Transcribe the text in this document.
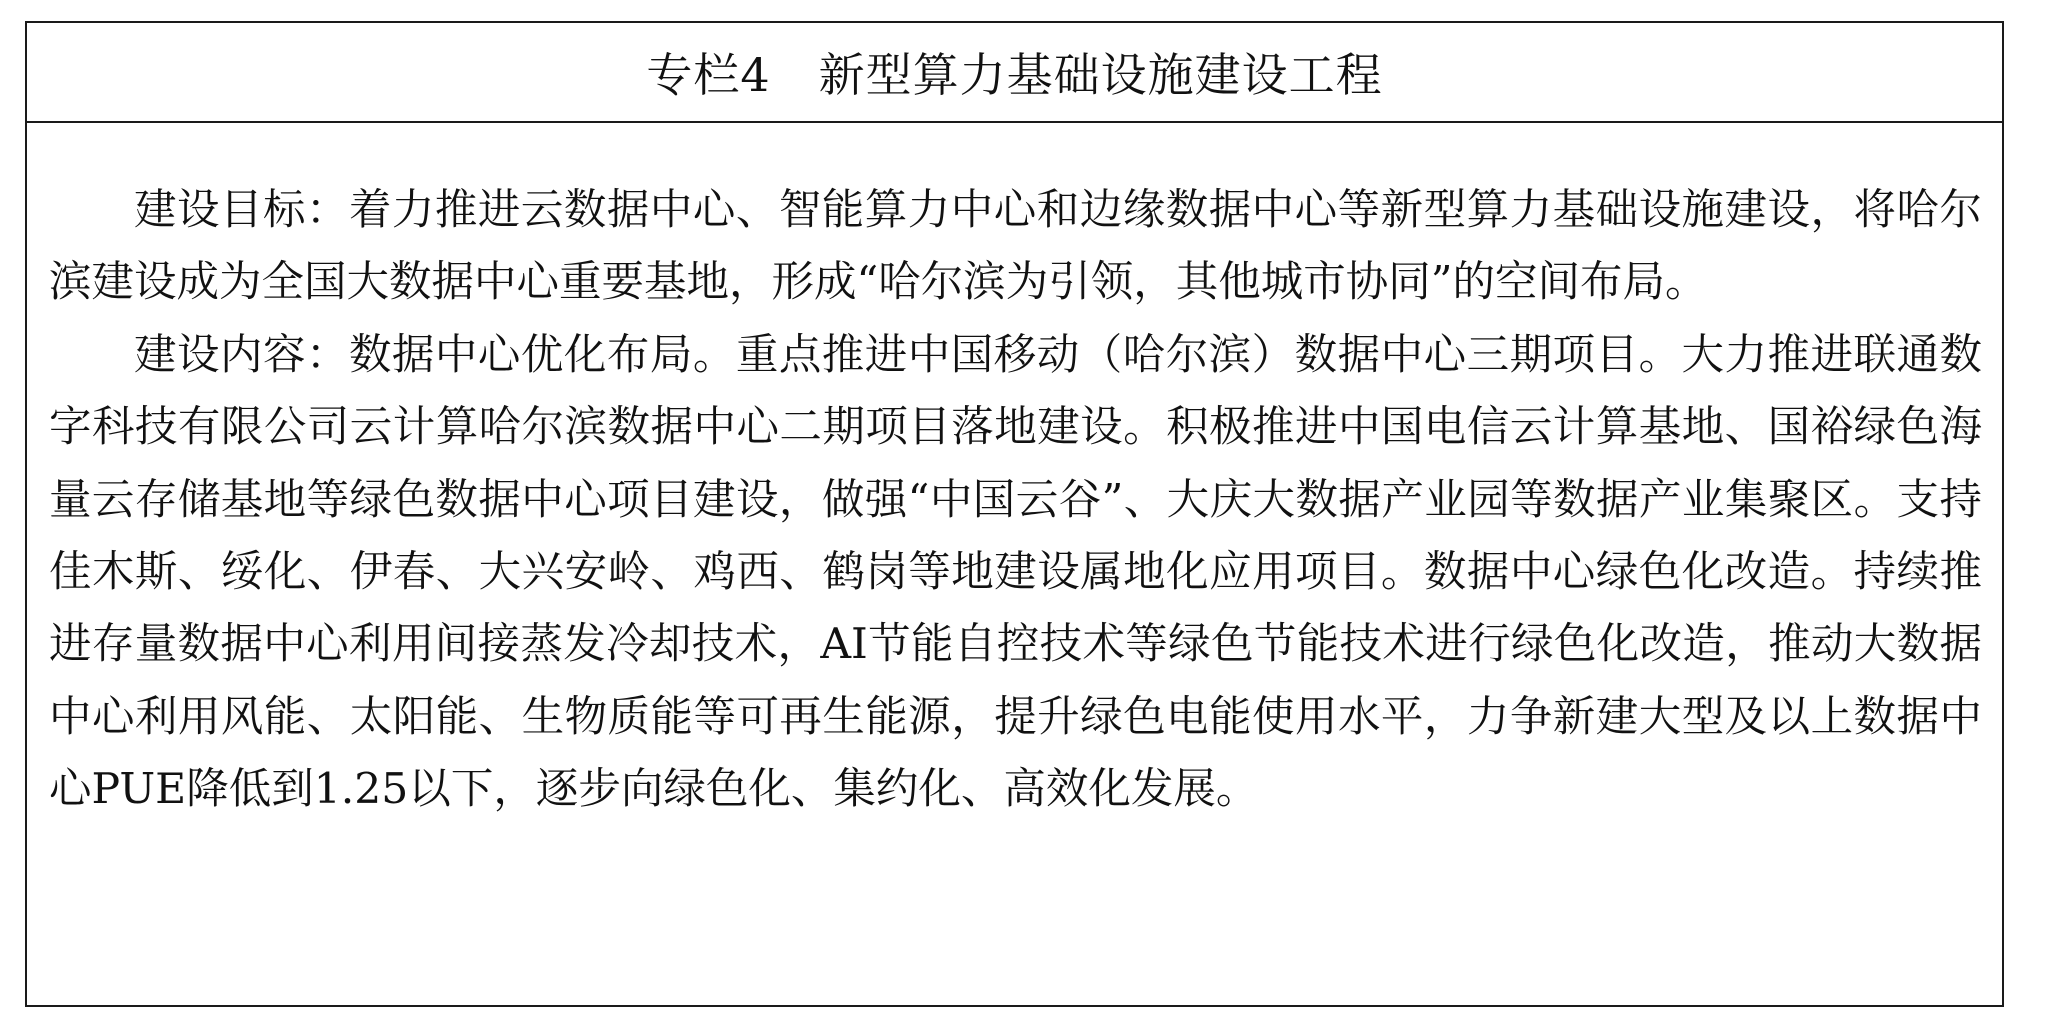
专栏4 新型算力基础设施建设工程

建设目标：着力推进云数据中心、智能算力中心和边缘数据中心等新型算力基础设施建设，将哈尔滨建设成为全国大数据中心重要基地，形成“哈尔滨为引领，其他城市协同”的空间布局。

建设内容：数据中心优化布局。重点推进中国移动（哈尔滨）数据中心三期项目。大力推进联通数字科技有限公司云计算哈尔滨数据中心二期项目落地建设。积极推进中国电信云计算基地、国裕绿色海量云存储基地等绿色数据中心项目建设，做强“中国云谷”、大庆大数据产业园等数据产业集聚区。支持佳木斯、绥化、伊春、大兴安岭、鸡西、鹤岗等地建设属地化应用项目。数据中心绿色化改造。持续推进存量数据中心利用间接蒸发冷却技术，AI节能自控技术等绿色节能技术进行绿色化改造，推动大数据中心利用风能、太阳能、生物质能等可再生能源，提升绿色电能使用水平，力争新建大型及以上数据中心PUE降低到1.25以下，逐步向绿色化、集约化、高效化发展。
